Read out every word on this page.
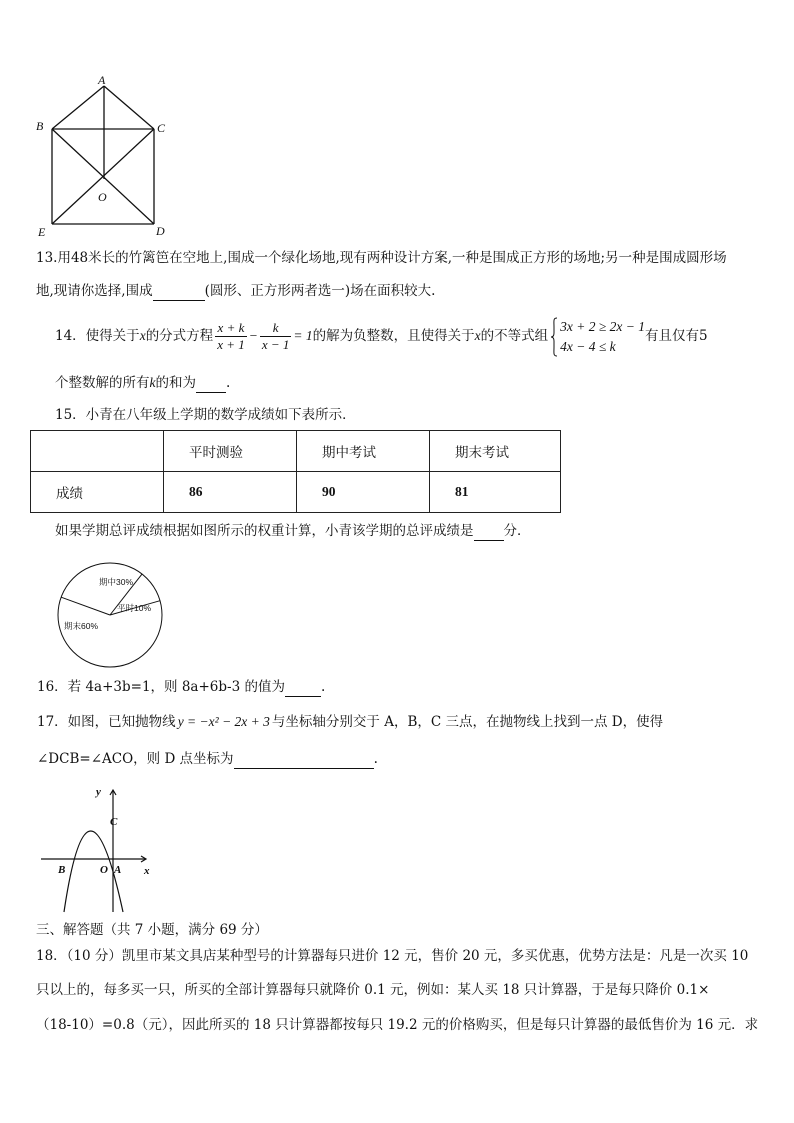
A
B	C
O
E	D
13.用48米长的竹篱笆在空地上,围成一个绿化场地,现有两种设计方案,一种是围成正方形的场地;另一种是围成圆形场
地,现请你选择,围成	(圆形、正方形两者选一)场在面积较大.
14．使得关于x的分式方程 $\frac{x + k}{x + 1} - \frac{k}{x - 1} = 1$的解为负整数，且使得关于x的不等式组
3x + 2 ≥ 2x − 1
4x − 4 ≤ k
有且仅有5
个整数解的所有k的和为 .
15．小青在八年级上学期的数学成绩如下表所示．
	平时测验	期中考试	期末考试
成绩	86	90	81
如果学期总评成绩根据如图所示的权重计算，小青该学期的总评成绩是 分．
期中30%
平时10%
期末60%
16．若 4a+3b=1，则 8a+6b-3 的值为	.
17．如图，已知抛物线 y = −x² − 2x + 3 与坐标轴分别交于 A，B，C 三点，在抛物线上找到一点 D，使得
∠DCB=∠ACO，则 D 点坐标为	.
y
x
C
B	O A
三、解答题（共 7 小题，满分 69 分）
18．（10 分）凯里市某文具店某种型号的计算器每只进价 12 元，售价 20 元，多买优惠，优势方法是：凡是一次买 10
只以上的，每多买一只，所买的全部计算器每只就降价 0.1 元，例如：某人买 18 只计算器，于是每只降价 0.1×
（18-10）=0.8（元），因此所买的 18 只计算器都按每只 19.2 元的价格购买，但是每只计算器的最低售价为 16 元．求
